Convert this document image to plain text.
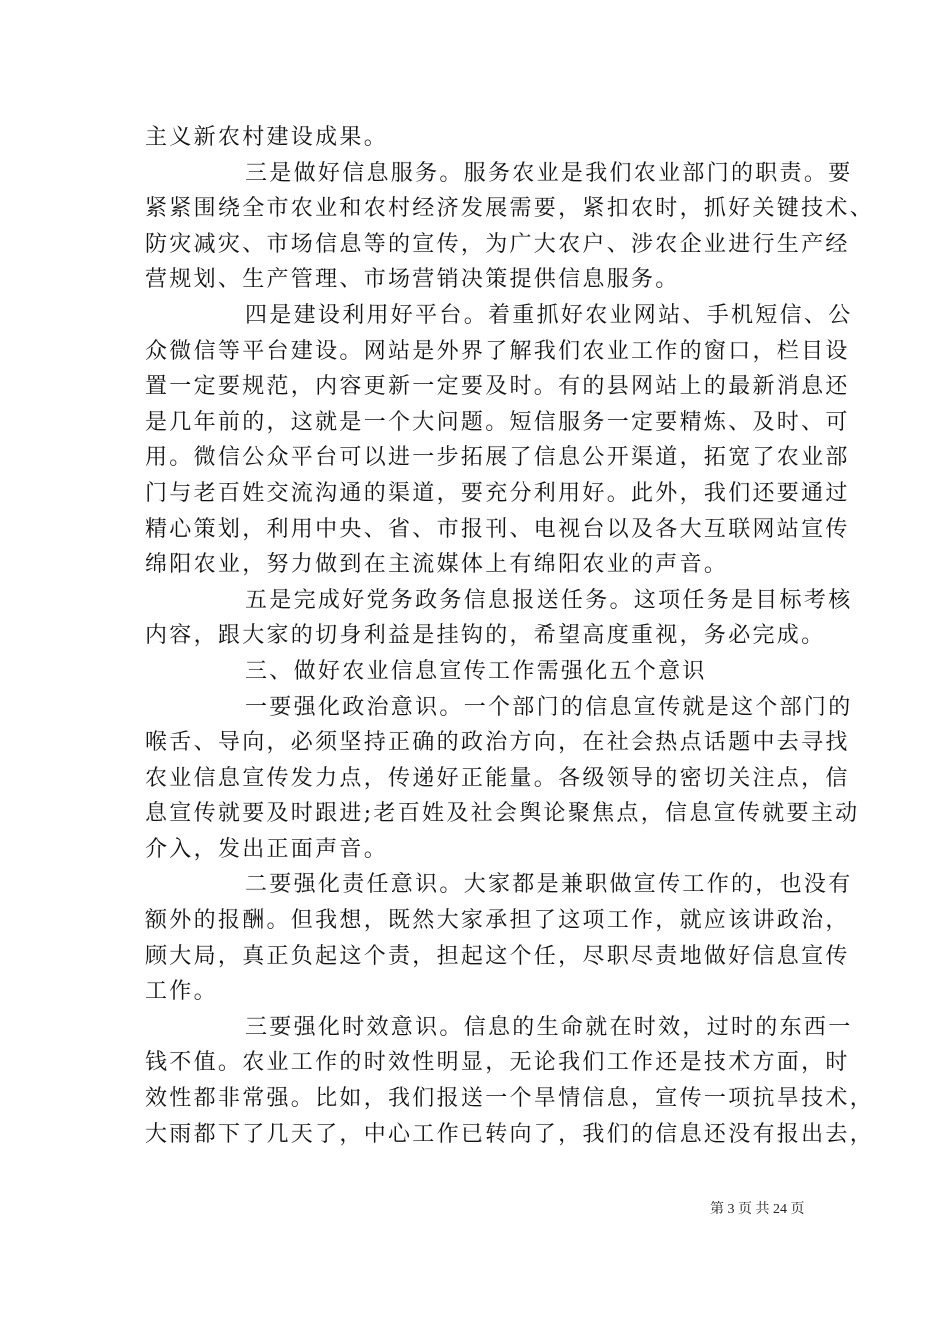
主义新农村建设成果。
三是做好信息服务。服务农业是我们农业部门的职责。要
紧紧围绕全市农业和农村经济发展需要，紧扣农时，抓好关键技术、
防灾减灾、市场信息等的宣传，为广大农户、涉农企业进行生产经
营规划、生产管理、市场营销决策提供信息服务。
四是建设利用好平台。着重抓好农业网站、手机短信、公
众微信等平台建设。网站是外界了解我们农业工作的窗口，栏目设
置一定要规范，内容更新一定要及时。有的县网站上的最新消息还
是几年前的，这就是一个大问题。短信服务一定要精炼、及时、可
用。微信公众平台可以进一步拓展了信息公开渠道，拓宽了农业部
门与老百姓交流沟通的渠道，要充分利用好。此外，我们还要通过
精心策划，利用中央、省、市报刊、电视台以及各大互联网站宣传
绵阳农业，努力做到在主流媒体上有绵阳农业的声音。
五是完成好党务政务信息报送任务。这项任务是目标考核
内容，跟大家的切身利益是挂钩的，希望高度重视，务必完成。
三、做好农业信息宣传工作需强化五个意识
一要强化政治意识。一个部门的信息宣传就是这个部门的
喉舌、导向，必须坚持正确的政治方向，在社会热点话题中去寻找
农业信息宣传发力点，传递好正能量。各级领导的密切关注点，信
息宣传就要及时跟进;老百姓及社会舆论聚焦点，信息宣传就要主动
介入，发出正面声音。
二要强化责任意识。大家都是兼职做宣传工作的，也没有
额外的报酬。但我想，既然大家承担了这项工作，就应该讲政治，
顾大局，真正负起这个责，担起这个任，尽职尽责地做好信息宣传
工作。
三要强化时效意识。信息的生命就在时效，过时的东西一
钱不值。农业工作的时效性明显，无论我们工作还是技术方面，时
效性都非常强。比如，我们报送一个旱情信息，宣传一项抗旱技术，
大雨都下了几天了，中心工作已转向了，我们的信息还没有报出去，
第 3 页 共 24 页
